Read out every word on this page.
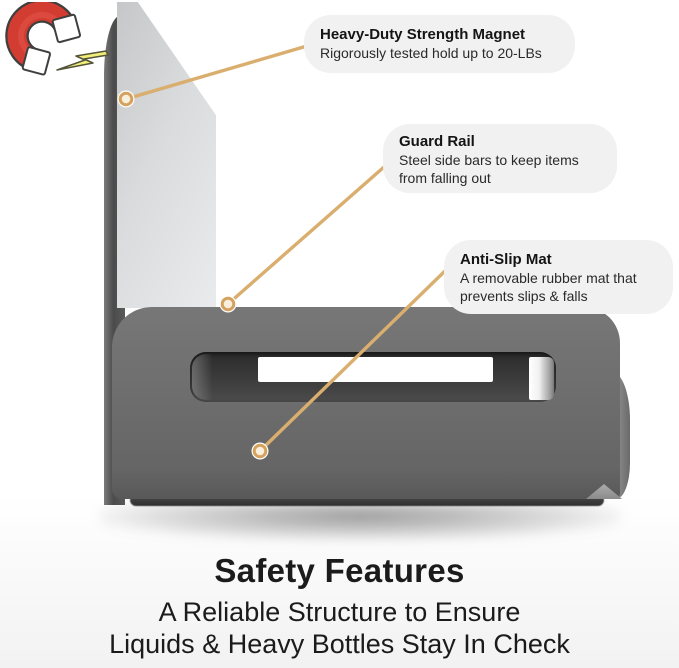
Heavy-Duty Strength Magnet
Rigorously tested hold up to 20-LBs
Guard Rail
Steel side bars to keep items from falling out
Anti-Slip Mat
A removable rubber mat that prevents slips & falls
Safety Features
A Reliable Structure to Ensure
Liquids & Heavy Bottles Stay In Check
